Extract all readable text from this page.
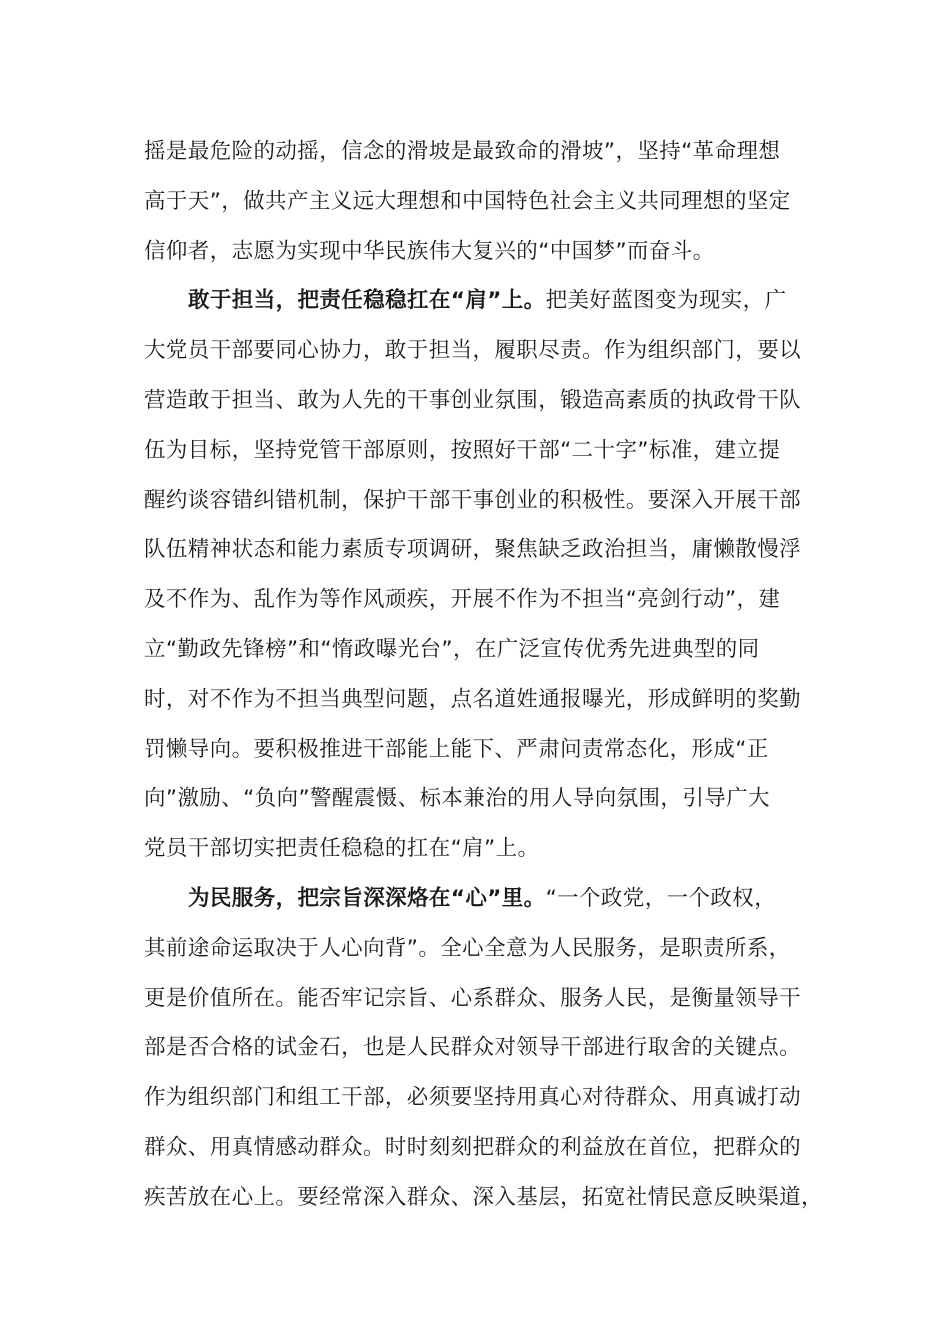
摇是最危险的动摇，信念的滑坡是最致命的滑坡”，坚持“革命理想
高于天”，做共产主义远大理想和中国特色社会主义共同理想的坚定
信仰者，志愿为实现中华民族伟大复兴的“中国梦”而奋斗。

敢于担当，把责任稳稳扛在“肩”上。把美好蓝图变为现实，广
大党员干部要同心协力，敢于担当，履职尽责。作为组织部门，要以
营造敢于担当、敢为人先的干事创业氛围，锻造高素质的执政骨干队
伍为目标，坚持党管干部原则，按照好干部“二十字”标准，建立提
醒约谈容错纠错机制，保护干部干事创业的积极性。要深入开展干部
队伍精神状态和能力素质专项调研，聚焦缺乏政治担当，庸懒散慢浮
及不作为、乱作为等作风顽疾，开展不作为不担当“亮剑行动”，建
立“勤政先锋榜”和“惰政曝光台”，在广泛宣传优秀先进典型的同
时，对不作为不担当典型问题，点名道姓通报曝光，形成鲜明的奖勤
罚懒导向。要积极推进干部能上能下、严肃问责常态化，形成“正
向”激励、“负向”警醒震慑、标本兼治的用人导向氛围，引导广大
党员干部切实把责任稳稳的扛在“肩”上。

为民服务，把宗旨深深烙在“心”里。“一个政党，一个政权，
其前途命运取决于人心向背”。全心全意为人民服务，是职责所系，
更是价值所在。能否牢记宗旨、心系群众、服务人民，是衡量领导干
部是否合格的试金石，也是人民群众对领导干部进行取舍的关键点。
作为组织部门和组工干部，必须要坚持用真心对待群众、用真诚打动
群众、用真情感动群众。时时刻刻把群众的利益放在首位，把群众的
疾苦放在心上。要经常深入群众、深入基层，拓宽社情民意反映渠道，
